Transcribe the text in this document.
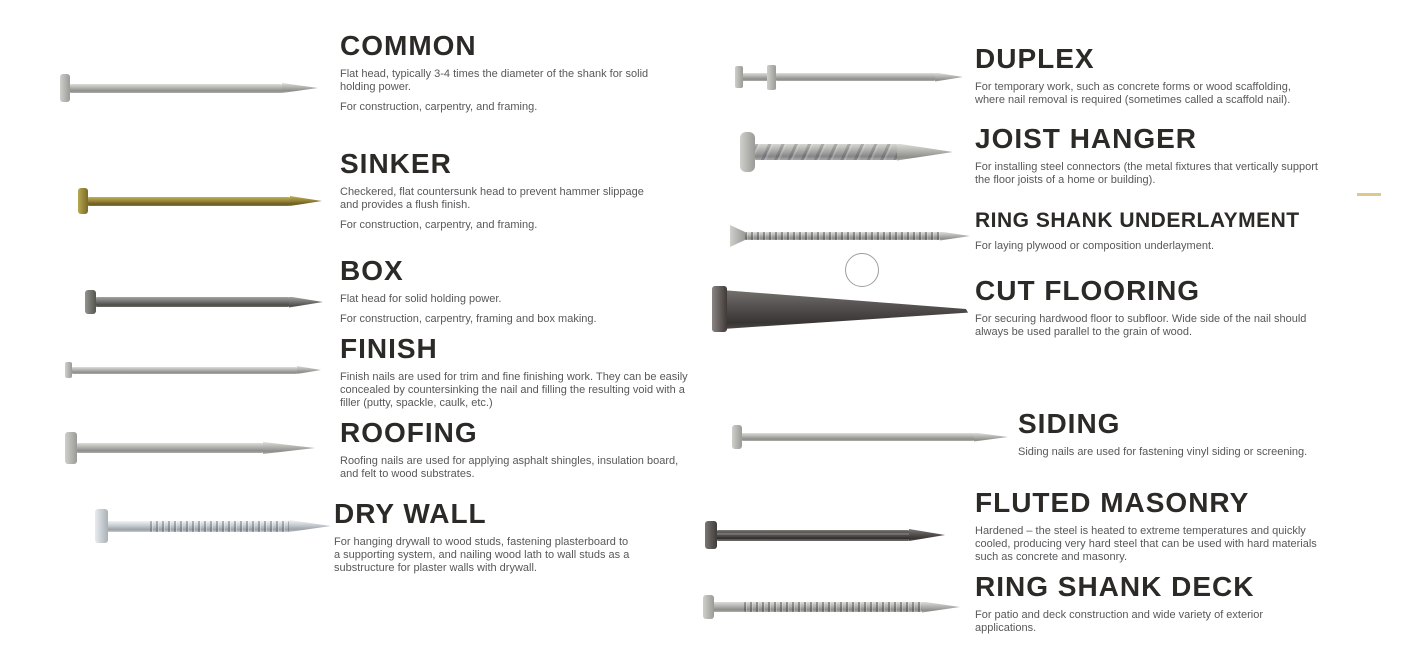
COMMON

Flat head, typically 3-4 times the diameter of the shank for solid
holding power.

For construction, carpentry, and framing.

SINKER

Checkered, flat countersunk head to prevent hammer slippage
and provides a flush finish.

For construction, carpentry, and framing.

BOX

Flat head for solid holding power.

For construction, carpentry, framing and box making.

FINISH

Finish nails are used for trim and fine finishing work. They can be easily
concealed by countersinking the nail and filling the resulting void with a
filler (putty, spackle, caulk, etc.)

ROOFING

Roofing nails are used for applying asphalt shingles, insulation board,
and felt to wood substrates.

DRY WALL

For hanging drywall to wood studs, fastening plasterboard to
a supporting system, and nailing wood lath to wall studs as a
substructure for plaster walls with drywall.

DUPLEX

For temporary work, such as concrete forms or wood scaffolding,
where nail removal is required (sometimes called a scaffold nail).

JOIST HANGER

For installing steel connectors (the metal fixtures that vertically support
the floor joists of a home or building).

RING SHANK UNDERLAYMENT

For laying plywood or composition underlayment.

CUT FLOORING

For securing hardwood floor to subfloor. Wide side of the nail should
always be used parallel to the grain of wood.

SIDING

Siding nails are used for fastening vinyl siding or screening.

FLUTED MASONRY

Hardened – the steel is heated to extreme temperatures and quickly
cooled, producing very hard steel that can be used with hard materials
such as concrete and masonry.

RING SHANK DECK

For patio and deck construction and wide variety of exterior
applications.
